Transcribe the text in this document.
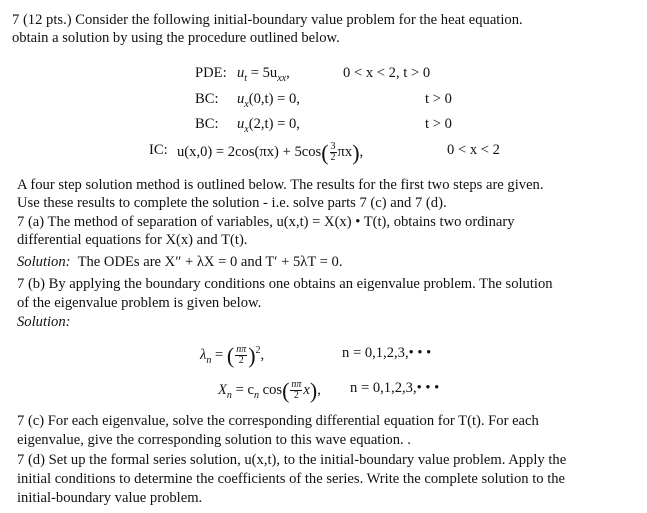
7 (12 pts.) Consider the following initial-boundary value problem for the heat equation.
obtain a solution by using the procedure outlined below.
PDE: $u_t = 5u_{xx}$,	0 < x < 2, t > 0
BC: $u_x(0,t) = 0$,	t > 0
BC: $u_x(2,t) = 0$,	t > 0
IC: $u(x,0) = 2\cos(\pi x) + 5\cos( \frac{3}{2} \pi x)$,	0 < x < 2
A four step solution method is outlined below. The results for the first two steps are given.
Use these results to complete the solution - i.e. solve parts 7 (c) and 7 (d).
7 (a) The method of separation of variables, u(x,t) = X(x) • T(t), obtains two ordinary
differential equations for X(x) and T(t).
Solution: The ODEs are X″ + λX = 0 and T′ + 5λT = 0.
7 (b) By applying the boundary conditions one obtains an eigenvalue problem. The solution
of the eigenvalue problem is given below.
Solution:
$\lambda_n$ = ( $\frac{n\pi}{2} )^2$,	n = 0,1,2,3,• • •
$X_n = c_n$ $\cos( \frac{n\pi}{2} x)$, n = 0,1,2,3,• • •
7 (c) For each eigenvalue, solve the corresponding differential equation for T(t). For each
eigenvalue, give the corresponding solution to this wave equation. .
7 (d) Set up the formal series solution, u(x,t), to the initial-boundary value problem. Apply the
initial conditions to determine the coefficients of the series. Write the complete solution to the
initial-boundary value problem.
